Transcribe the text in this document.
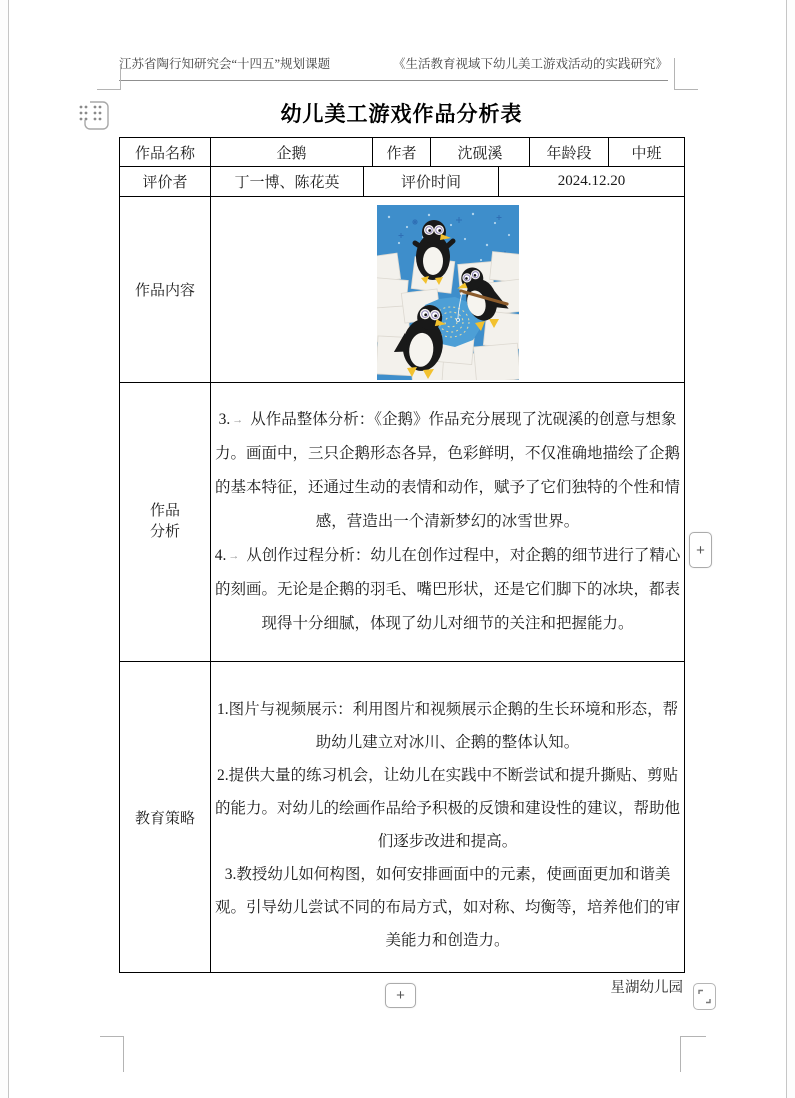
江苏省陶行知研究会“十四五”规划课题	《生活教育视域下幼儿美工游戏活动的实践研究》
幼儿美工游戏作品分析表
作品名称	企鹅		作者	沈砚溪		年龄段	中班
评价者	丁一博、陈花英	评价时间			2024.12.20		
作品内容	

作品
分析

3. → 从作品整体分析：《企鹅》作品充分展现了沈砚溪的创意与想象力。画面中，三只企鹅形态各异，色彩鲜明，不仅准确地描绘了企鹅的基本特征，还通过生动的表情和动作，赋予了它们独特的个性和情感，营造出一个清新梦幻的冰雪世界。

4. → 从创作过程分析：幼儿在创作过程中，对企鹅的细节进行了精心的刻画。无论是企鹅的羽毛、嘴巴形状，还是它们脚下的冰块，都表现得十分细腻，体现了幼儿对细节的关注和把握能力。

教育策略	1.图片与视频展示：利用图片和视频展示企鹅的生长环境和形态，帮助幼儿建立对冰川、企鹅的整体认知。

2.提供大量的练习机会，让幼儿在实践中不断尝试和提升撕贴、剪贴的能力。对幼儿的绘画作品给予积极的反馈和建设性的建议，帮助他们逐步改进和提高。

3.教授幼儿如何构图，如何安排画面中的元素，使画面更加和谐美观。引导幼儿尝试不同的布局方式，如对称、均衡等，培养他们的审美能力和创造力。						

星湖幼儿园
+
+
